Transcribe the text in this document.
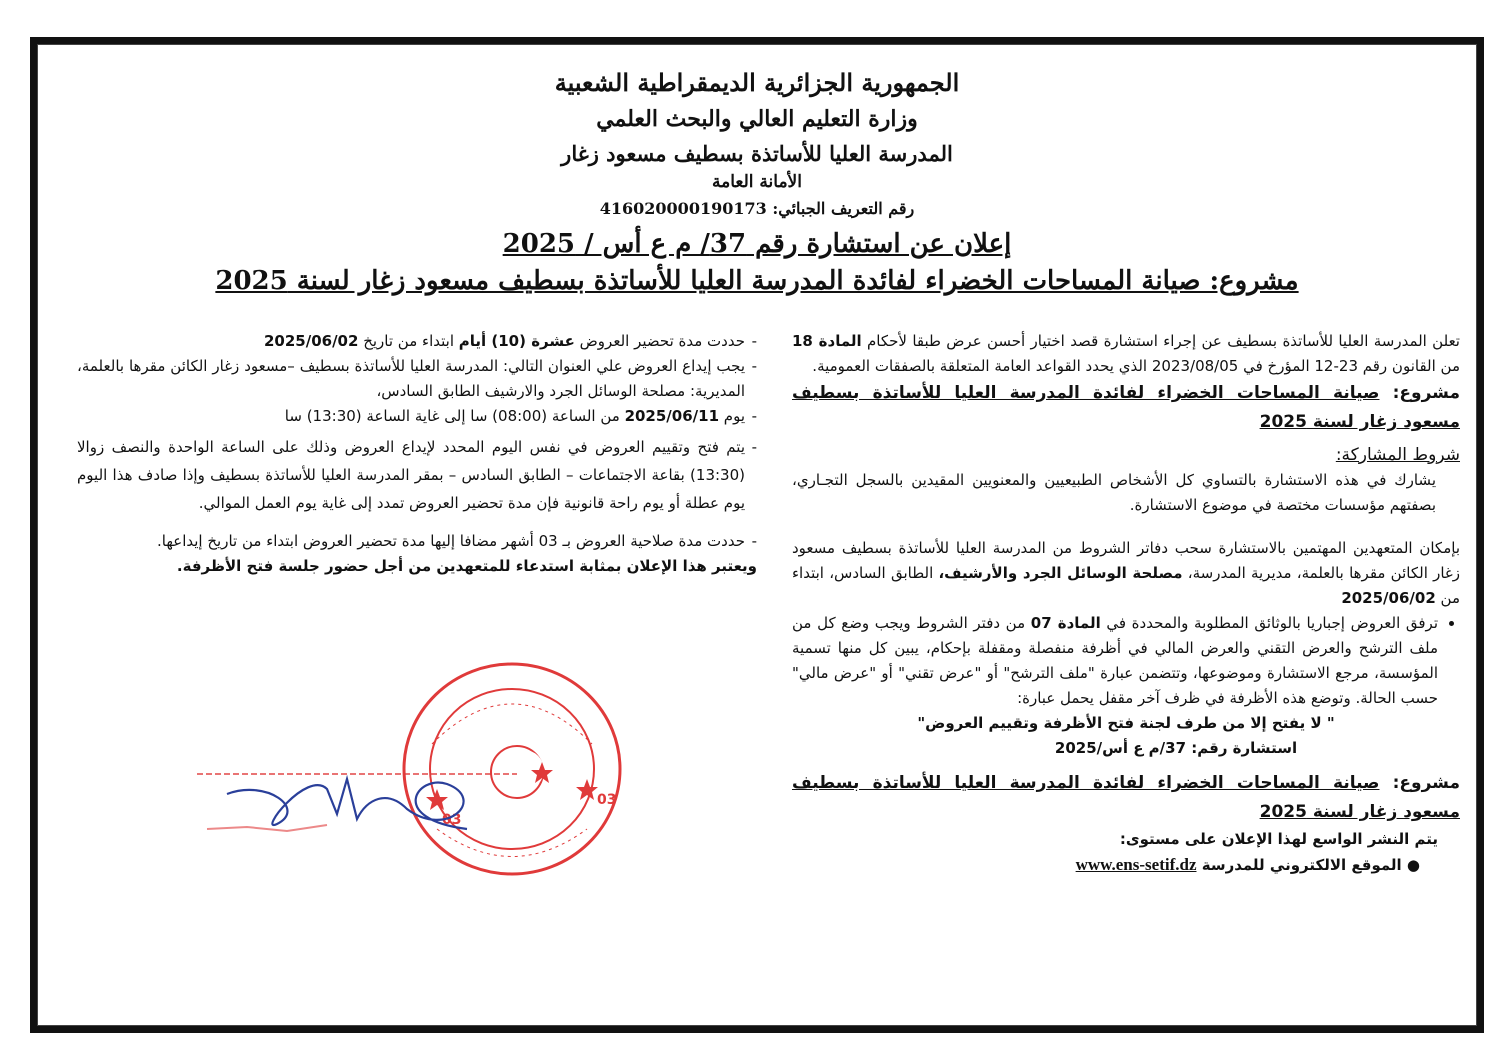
الجمهورية الجزائرية الديمقراطية الشعبية
وزارة التعليم العالي والبحث العلمي
المدرسة العليا للأساتذة بسطيف مسعود زغار
الأمانة العامة
رقم التعريف الجبائي: 416020000190173
إعلان عن استشارة رقم 37/ م ع أس / 2025
مشروع: صيانة المساحات الخضراء لفائدة المدرسة العليا للأساتذة بسطيف مسعود زغار لسنة 2025

تعلن المدرسة العليا للأساتذة بسطيف عن إجراء استشارة قصد اختيار أحسن عرض طبقا لأحكام المادة 18 من القانون رقم 23-12 المؤرخ في 2023/08/05 الذي يحدد القواعد العامة المتعلقة بالصفقات العمومية.

مشروع: صيانة المساحات الخضراء لفائدة المدرسة العليا للأساتذة بسطيف مسعود زغار لسنة 2025

شروط المشاركة:

يشارك في هذه الاستشارة بالتساوي كل الأشخاص الطبيعيين والمعنويين المقيدين بالسجل التجـاري، بصفتهم مؤسسات مختصة في موضوع الاستشارة.

بإمكان المتعهدين المهتمين بالاستشارة سحب دفاتر الشروط من المدرسة العليا للأساتذة بسطيف مسعود زغار الكائن مقرها بالعلمة، مديرية المدرسة، مصلحة الوسائل الجرد والأرشيف، الطابق السادس، ابتداء من 2025/06/02

• ترفق العروض إجباريا بالوثائق المطلوبة والمحددة في المادة 07 من دفتر الشروط ويجب وضع كل من ملف الترشح والعرض التقني والعرض المالي في أظرفة منفصلة ومقفلة بإحكام، يبين كل منها تسمية المؤسسة، مرجع الاستشارة وموضوعها، وتتضمن عبارة "ملف الترشح" أو "عرض تقني" أو "عرض مالي" حسب الحالة. وتوضع هذه الأظرفة في ظرف آخر مقفل يحمل عبارة:

" لا يفتح إلا من طرف لجنة فتح الأظرفة وتقييم العروض"

استشارة رقم: 37/م ع أس/2025

مشروع: صيانة المساحات الخضراء لفائدة المدرسة العليا للأساتذة بسطيف مسعود زغار لسنة 2025

يتم النشر الواسع لهذا الإعلان على مستوى:

● الموقع الالكتروني للمدرسة www.ens-setif.dz

- حددت مدة تحضير العروض عشرة (10) أيام ابتداء من تاريخ 2025/06/02

- يجب إيداع العروض علي العنوان التالي: المدرسة العليا للأساتذة بسطيف –مسعود زغار الكائن مقرها بالعلمة، المديرية: مصلحة الوسائل الجرد والارشيف الطابق السادس،

- يوم 2025/06/11 من الساعة (08:00) سا إلى غاية الساعة (13:30) سا

- يتم فتح وتقييم العروض في نفس اليوم المحدد لإيداع العروض وذلك على الساعة الواحدة والنصف زوالا (13:30) بقاعة الاجتماعات – الطابق السادس – بمقر المدرسة العليا للأساتذة بسطيف وإذا صادف هذا اليوم يوم عطلة أو يوم راحة قانونية فإن مدة تحضير العروض تمدد إلى غاية يوم العمل الموالي.

- حددت مدة صلاحية العروض بـ 03 أشهر مضافا إليها مدة تحضير العروض ابتداء من تاريخ إيداعها.

ويعتبر هذا الإعلان بمثابة استدعاء للمتعهدين من أجل حضور جلسة فتح الأظرفة.

03
03
